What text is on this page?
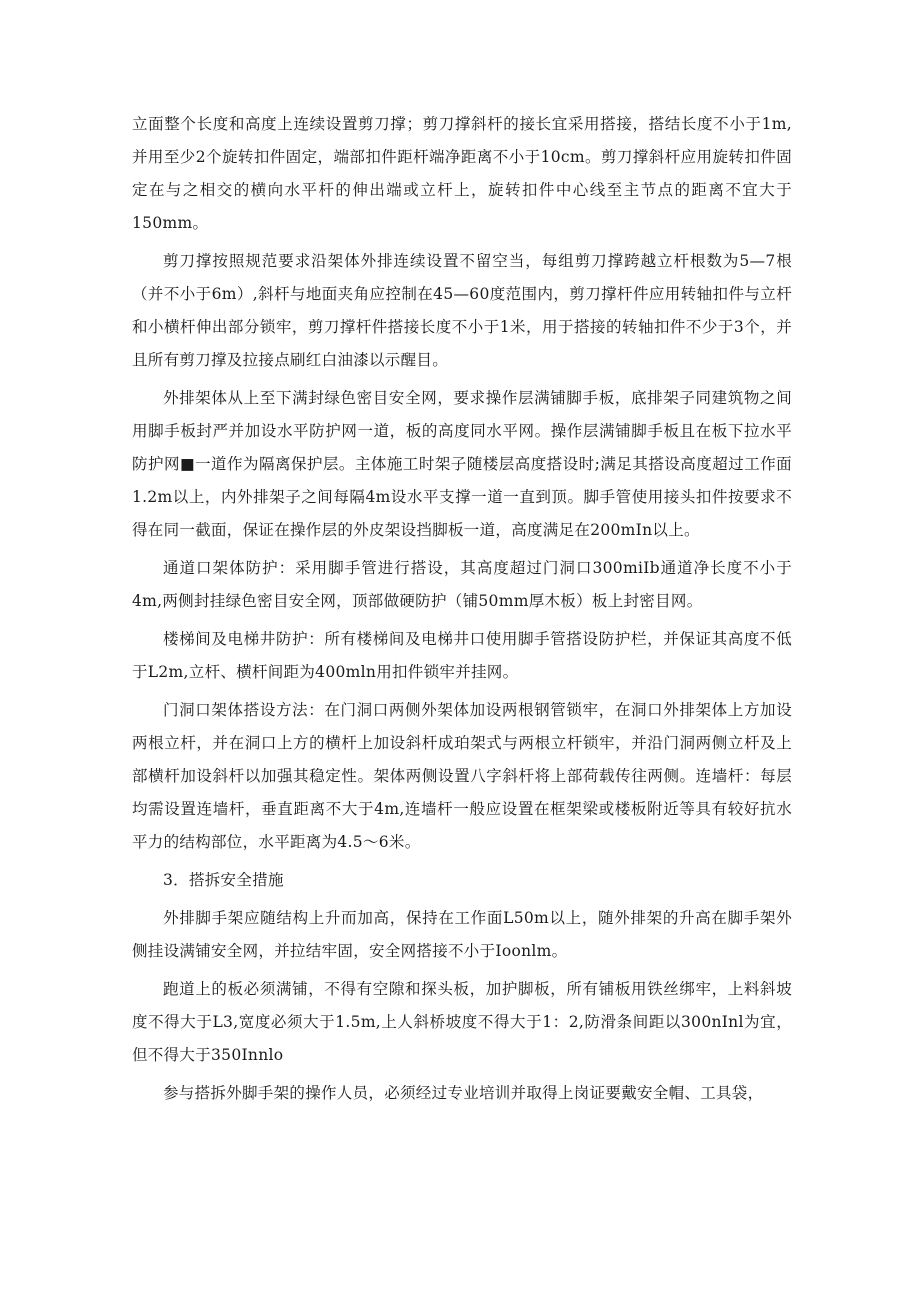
立面整个长度和高度上连续设置剪刀撑；剪刀撑斜杆的接长宜采用搭接，搭结长度不小于1m,并用至少2个旋转扣件固定，端部扣件距杆端净距离不小于10cm。剪刀撑斜杆应用旋转扣件固定在与之相交的横向水平杆的伸出端或立杆上，旋转扣件中心线至主节点的距离不宜大于150mm。

剪刀撑按照规范要求沿架体外排连续设置不留空当，每组剪刀撑跨越立杆根数为5—7根（并不小于6m）,斜杆与地面夹角应控制在45—60度范围内，剪刀撑杆件应用转轴扣件与立杆和小横杆伸出部分锁牢，剪刀撑杆件搭接长度不小于1米，用于搭接的转轴扣件不少于3个，并且所有剪刀撑及拉接点刷红白油漆以示醒目。

外排架体从上至下满封绿色密目安全网，要求操作层满铺脚手板，底排架子同建筑物之间用脚手板封严并加设水平防护网一道，板的高度同水平网。操作层满铺脚手板且在板下拉水平防护网■一道作为隔离保护层。主体施工时架子随楼层高度搭设时;满足其搭设高度超过工作面1.2m以上，内外排架子之间每隔4m设水平支撑一道一直到顶。脚手管使用接头扣件按要求不得在同一截面，保证在操作层的外皮架设挡脚板一道，高度满足在200mIn以上。

通道口架体防护：采用脚手管进行搭设，其高度超过门洞口300miIb通道净长度不小于4m,两侧封挂绿色密目安全网，顶部做硬防护（铺50mm厚木板）板上封密目网。

楼梯间及电梯井防护：所有楼梯间及电梯井口使用脚手管搭设防护栏，并保证其高度不低于L2m,立杆、横杆间距为400mln用扣件锁牢并挂网。

门洞口架体搭设方法：在门洞口两侧外架体加设两根钢管锁牢，在洞口外排架体上方加设两根立杆，并在洞口上方的横杆上加设斜杆成珀架式与两根立杆锁牢，并沿门洞两侧立杆及上部横杆加设斜杆以加强其稳定性。架体两侧设置八字斜杆将上部荷载传往两侧。连墙杆：每层均需设置连墙杆，垂直距离不大于4m,连墙杆一般应设置在框架梁或楼板附近等具有较好抗水平力的结构部位，水平距离为4.5～6米。

3．搭拆安全措施

外排脚手架应随结构上升而加高，保持在工作面L50m以上，随外排架的升高在脚手架外侧挂设满铺安全网，并拉结牢固，安全网搭接不小于Ioonlm。

跑道上的板必须满铺，不得有空隙和探头板，加护脚板，所有铺板用铁丝绑牢，上料斜坡度不得大于L3,宽度必须大于1.5m,上人斜桥坡度不得大于1：2,防滑条间距以300nInl为宜，但不得大于350Innlo

参与搭拆外脚手架的操作人员，必须经过专业培训并取得上岗证要戴安全帽、工具袋，
